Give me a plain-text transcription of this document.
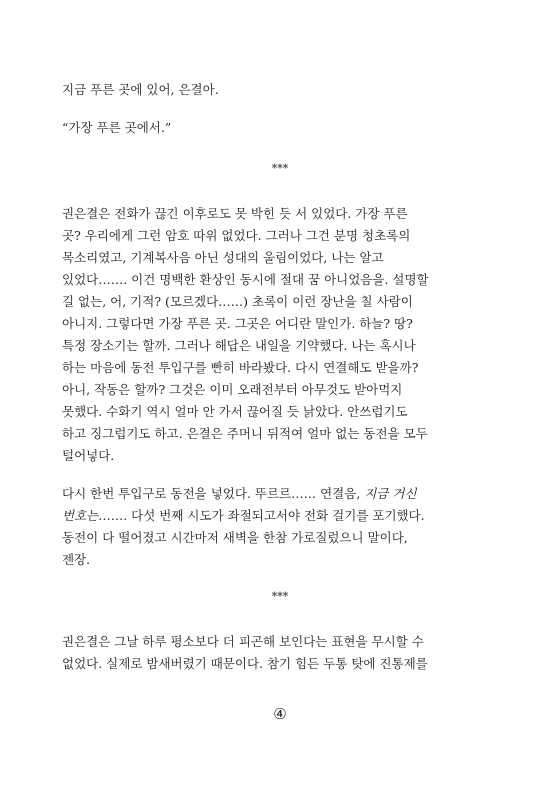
지금 푸른 곳에 있어, 은결아.
“가장 푸른 곳에서.”
***
권은결은 전화가 끊긴 이후로도 못 박힌 듯 서 있었다. 가장 푸른
곳? 우리에게 그런 암호 따위 없었다. 그러나 그건 분명 청초록의
목소리였고, 기계복사음 아닌 성대의 울림이었다, 나는 알고
있었다……. 이건 명백한 환상인 동시에 절대 꿈 아니었음을. 설명할
길 없는, 어, 기적? (모르겠다……) 초록이 이런 장난을 칠 사람이
아니지. 그렇다면 가장 푸른 곳. 그곳은 어디란 말인가. 하늘? 땅?
특정 장소기는 할까. 그러나 해답은 내일을 기약했다. 나는 혹시나
하는 마음에 동전 투입구를 빤히 바라봤다. 다시 연결해도 받을까?
아니, 작동은 할까? 그것은 이미 오래전부터 아무것도 받아먹지
못했다. 수화기 역시 얼마 안 가서 끊어질 듯 낡았다. 안쓰럽기도
하고 징그럽기도 하고. 은결은 주머니 뒤적여 얼마 없는 동전을 모두
털어넣다.
다시 한번 투입구로 동전을 넣었다. 뚜르르…… 연결음, 지금 거신
번호는……. 다섯 번째 시도가 좌절되고서야 전화 걸기를 포기했다.
동전이 다 떨어졌고 시간마저 새벽을 한참 가로질렀으니 말이다,
젠장.
***
권은결은 그날 하루 평소보다 더 피곤해 보인다는 표현을 무시할 수
없었다. 실제로 밤새버렸기 때문이다. 참기 힘든 두통 탓에 진통제를
④
